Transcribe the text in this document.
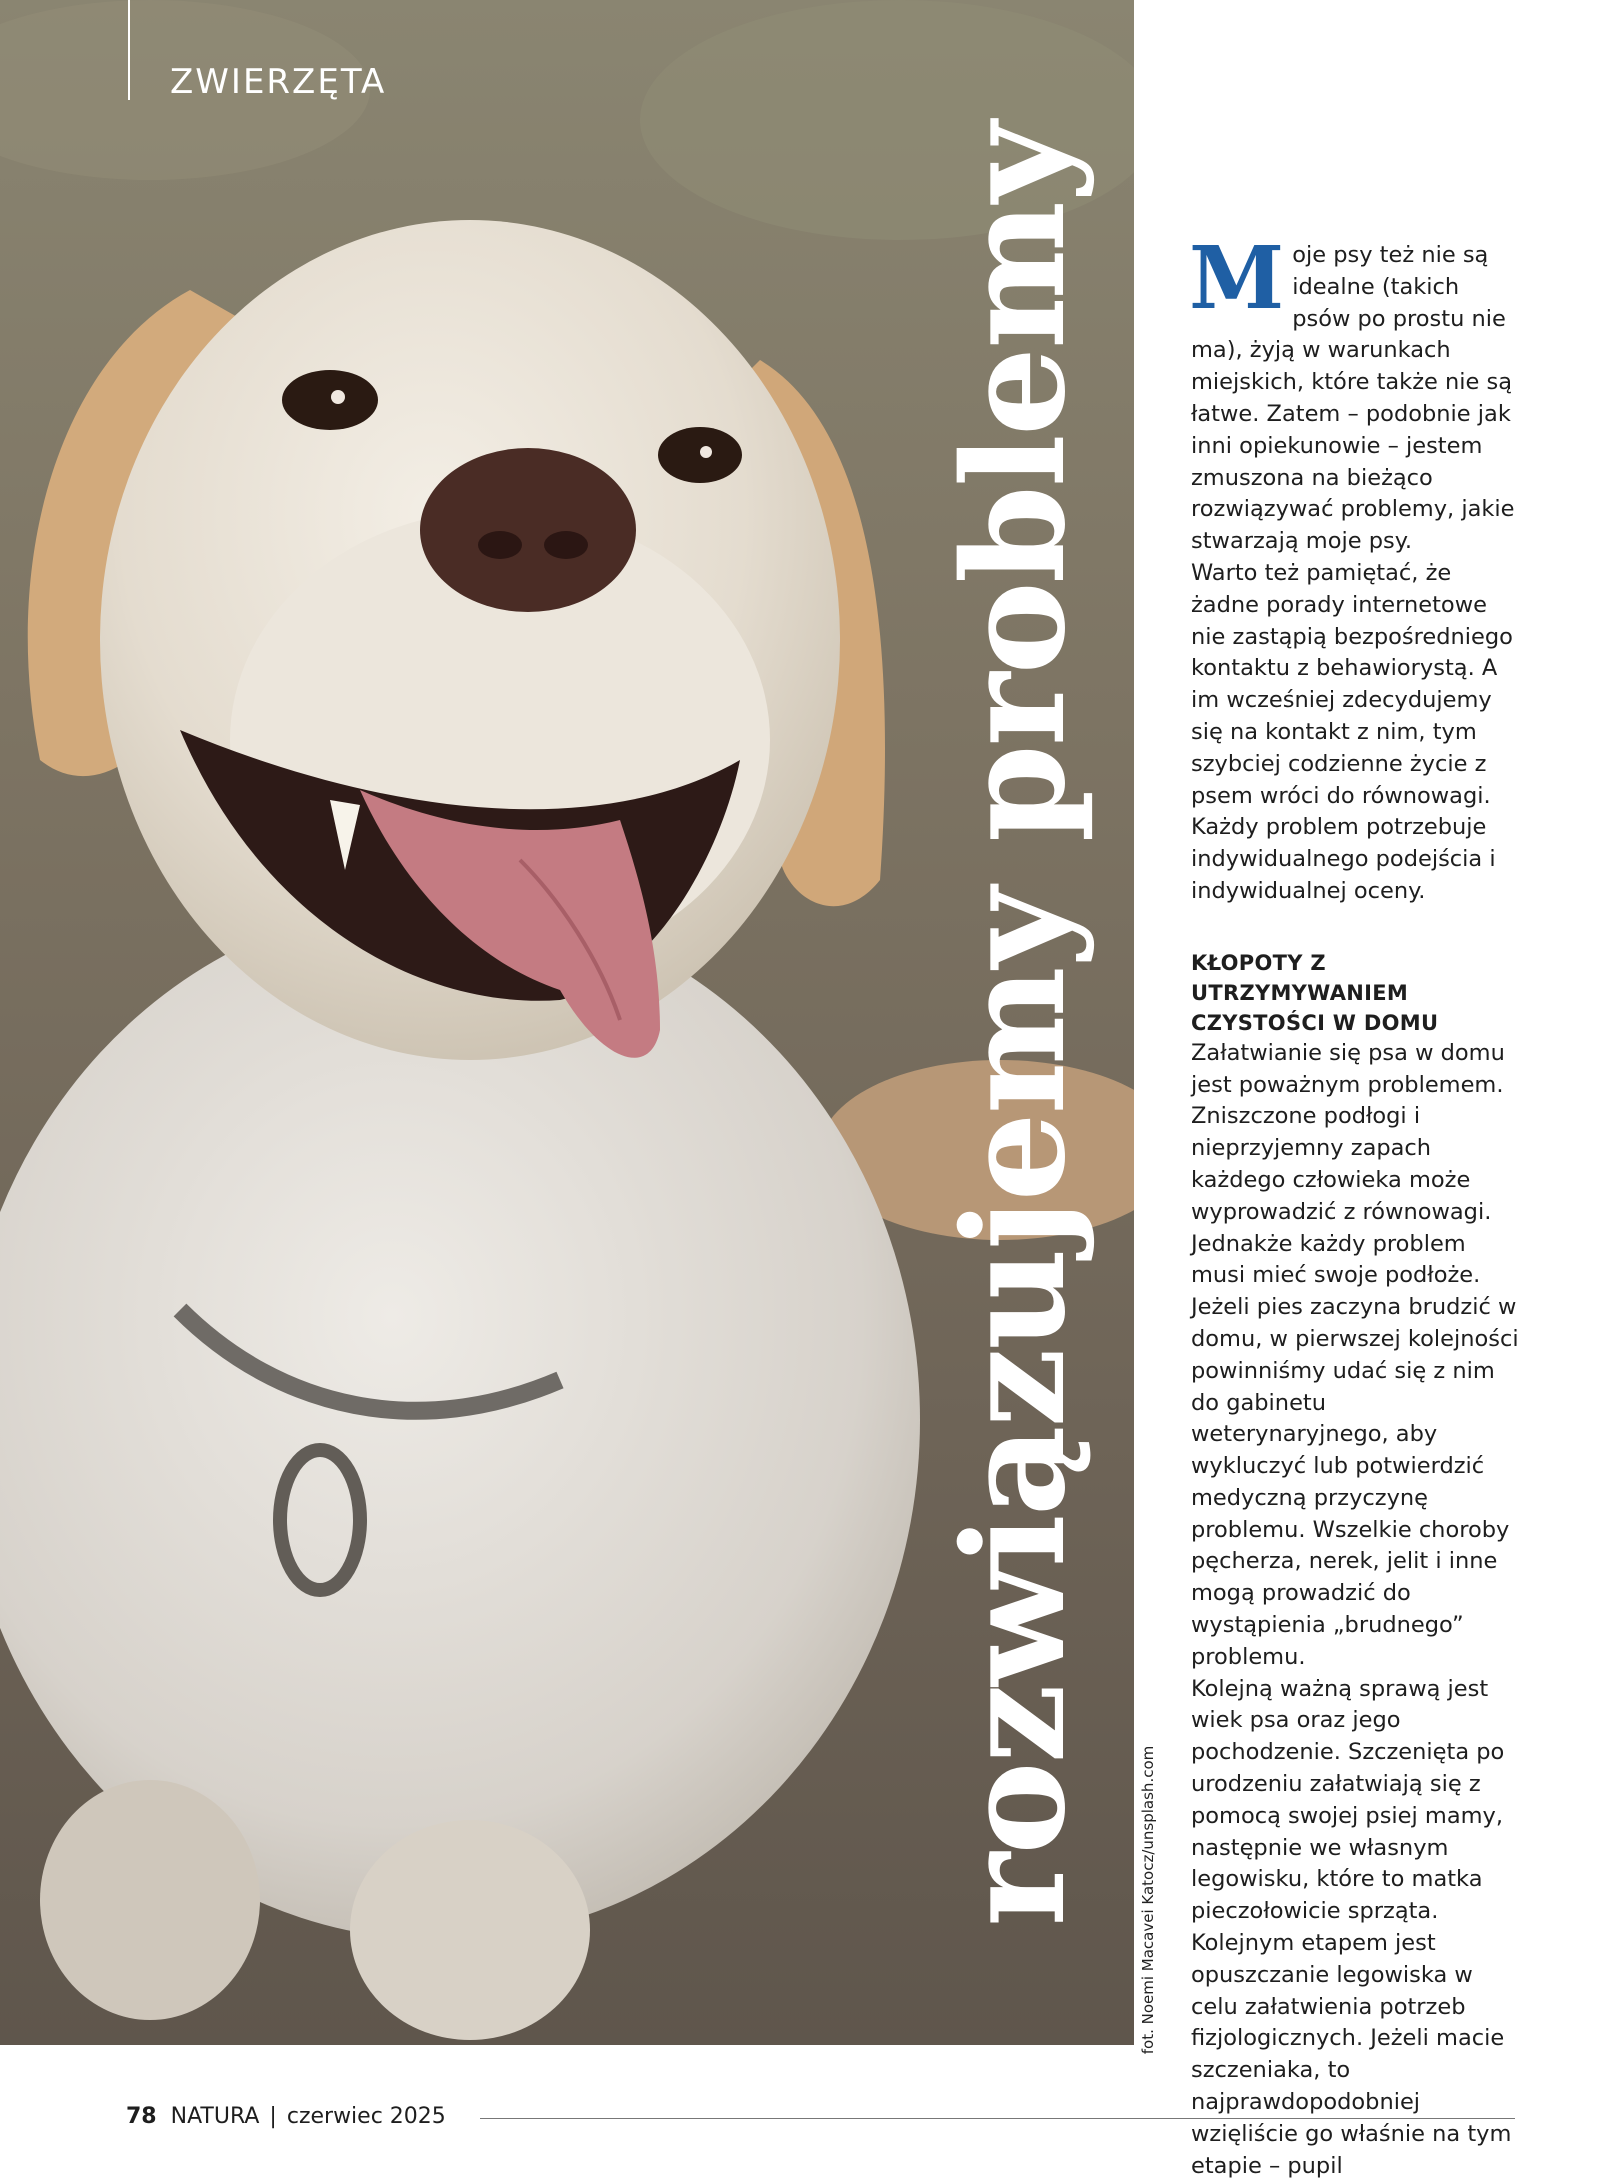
ZWIERZĘTA
rozwiązujemy problemy	fot. Noemi Macavei Katocz/unsplash.com

Moje psy też nie są idealne (takich psów po prostu nie ma), żyją w warunkach miejskich, które także nie są łatwe. Zatem – podobnie jak inni opiekunowie – jestem zmuszona na bieżąco rozwiązywać problemy, jakie stwarzają moje psy.

Warto też pamiętać, że żadne porady internetowe nie zastąpią bezpośredniego kontaktu z behawiorystą. A im wcześniej zdecydujemy się na kontakt z nim, tym szybciej codzienne życie z psem wróci do równowagi. Każdy problem potrzebuje indywidualnego podejścia i indywidualnej oceny.

KŁOPOTY Z UTRZYMYWANIEM CZYSTOŚCI W DOMU

Załatwianie się psa w domu jest poważnym problemem. Zniszczone podłogi i nieprzyjemny zapach każdego człowieka może wyprowadzić z równowagi. Jednakże każdy problem musi mieć swoje podłoże. Jeżeli pies zaczyna brudzić w domu, w pierwszej kolejności powinniśmy udać się z nim do gabinetu weterynaryjnego, aby wykluczyć lub potwierdzić medyczną przyczynę problemu. Wszelkie choroby pęcherza, nerek, jelit i inne mogą prowadzić do wystąpienia „brudnego” problemu.

Kolejną ważną sprawą jest wiek psa oraz jego pochodzenie. Szczenięta po urodzeniu załatwiają się z pomocą swojej psiej mamy, następnie we własnym legowisku, które to matka pieczołowicie sprząta. Kolejnym etapem jest opuszczanie legowiska w celu załatwienia potrzeb fizjologicznych. Jeżeli macie szczeniaka, to najprawdopodobniej wzięliście go właśnie na tym etapie – pupil

78 NATURA | czerwiec 2025
